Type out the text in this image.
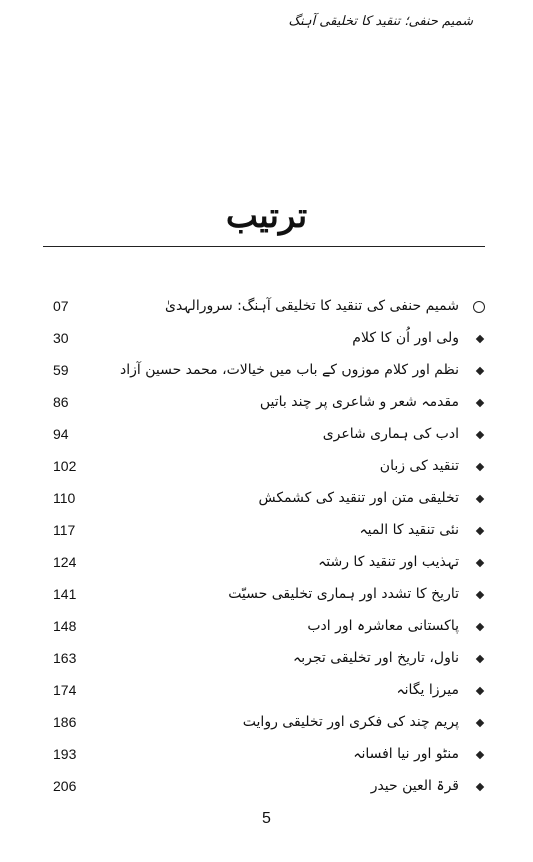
شمیم حنفی؛ تنقید کا تخلیقی آہنگ
ترتیب
شمیم حنفی کی تنقید کا تخلیقی آہنگ: سرورالہدیٰ
07
ولی اور اُن کا کلام
30
نظم اور کلام موزوں کے باب میں خیالات، محمد حسین آزاد
59
مقدمہ شعر و شاعری پر چند باتیں
86
ادب کی ہماری شاعری
94
تنقید کی زبان
102
تخلیقی متن اور تنقید کی کشمکش
110
نئی تنقید کا المیہ
117
تہذیب اور تنقید کا رشتہ
124
تاریخ کا تشدد اور ہماری تخلیقی حسیّت
141
پاکستانی معاشرہ اور ادب
148
ناول، تاریخ اور تخلیقی تجربہ
163
میرزا یگانہ
174
پریم چند کی فکری اور تخلیقی روایت
186
منٹو اور نیا افسانہ
193
قرۃ العین حیدر
206
5
